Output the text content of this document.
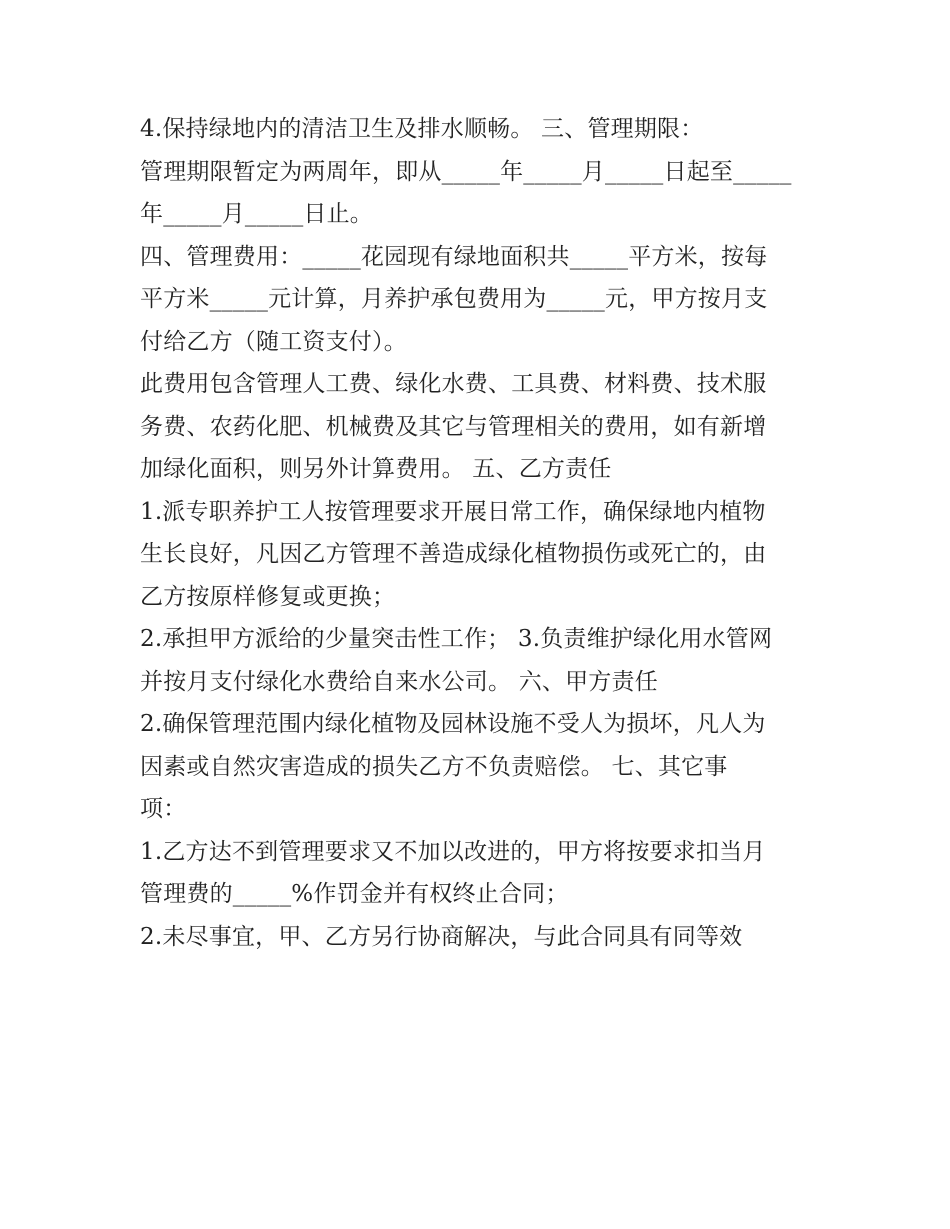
4.保持绿地内的清洁卫生及排水顺畅。 三、管理期限：
管理期限暂定为两周年，即从_____年_____月_____日起至_____
年_____月_____日止。
四、管理费用：_____花园现有绿地面积共_____平方米，按每
平方米_____元计算，月养护承包费用为_____元，甲方按月支
付给乙方（随工资支付）。
此费用包含管理人工费、绿化水费、工具费、材料费、技术服
务费、农药化肥、机械费及其它与管理相关的费用，如有新增
加绿化面积，则另外计算费用。 五、乙方责任
1.派专职养护工人按管理要求开展日常工作，确保绿地内植物
生长良好，凡因乙方管理不善造成绿化植物损伤或死亡的，由
乙方按原样修复或更换；
2.承担甲方派给的少量突击性工作； 3.负责维护绿化用水管网
并按月支付绿化水费给自来水公司。 六、甲方责任
2.确保管理范围内绿化植物及园林设施不受人为损坏，凡人为
因素或自然灾害造成的损失乙方不负责赔偿。 七、其它事
项：
1.乙方达不到管理要求又不加以改进的，甲方将按要求扣当月
管理费的_____%作罚金并有权终止合同；
2.未尽事宜，甲、乙方另行协商解决，与此合同具有同等效
